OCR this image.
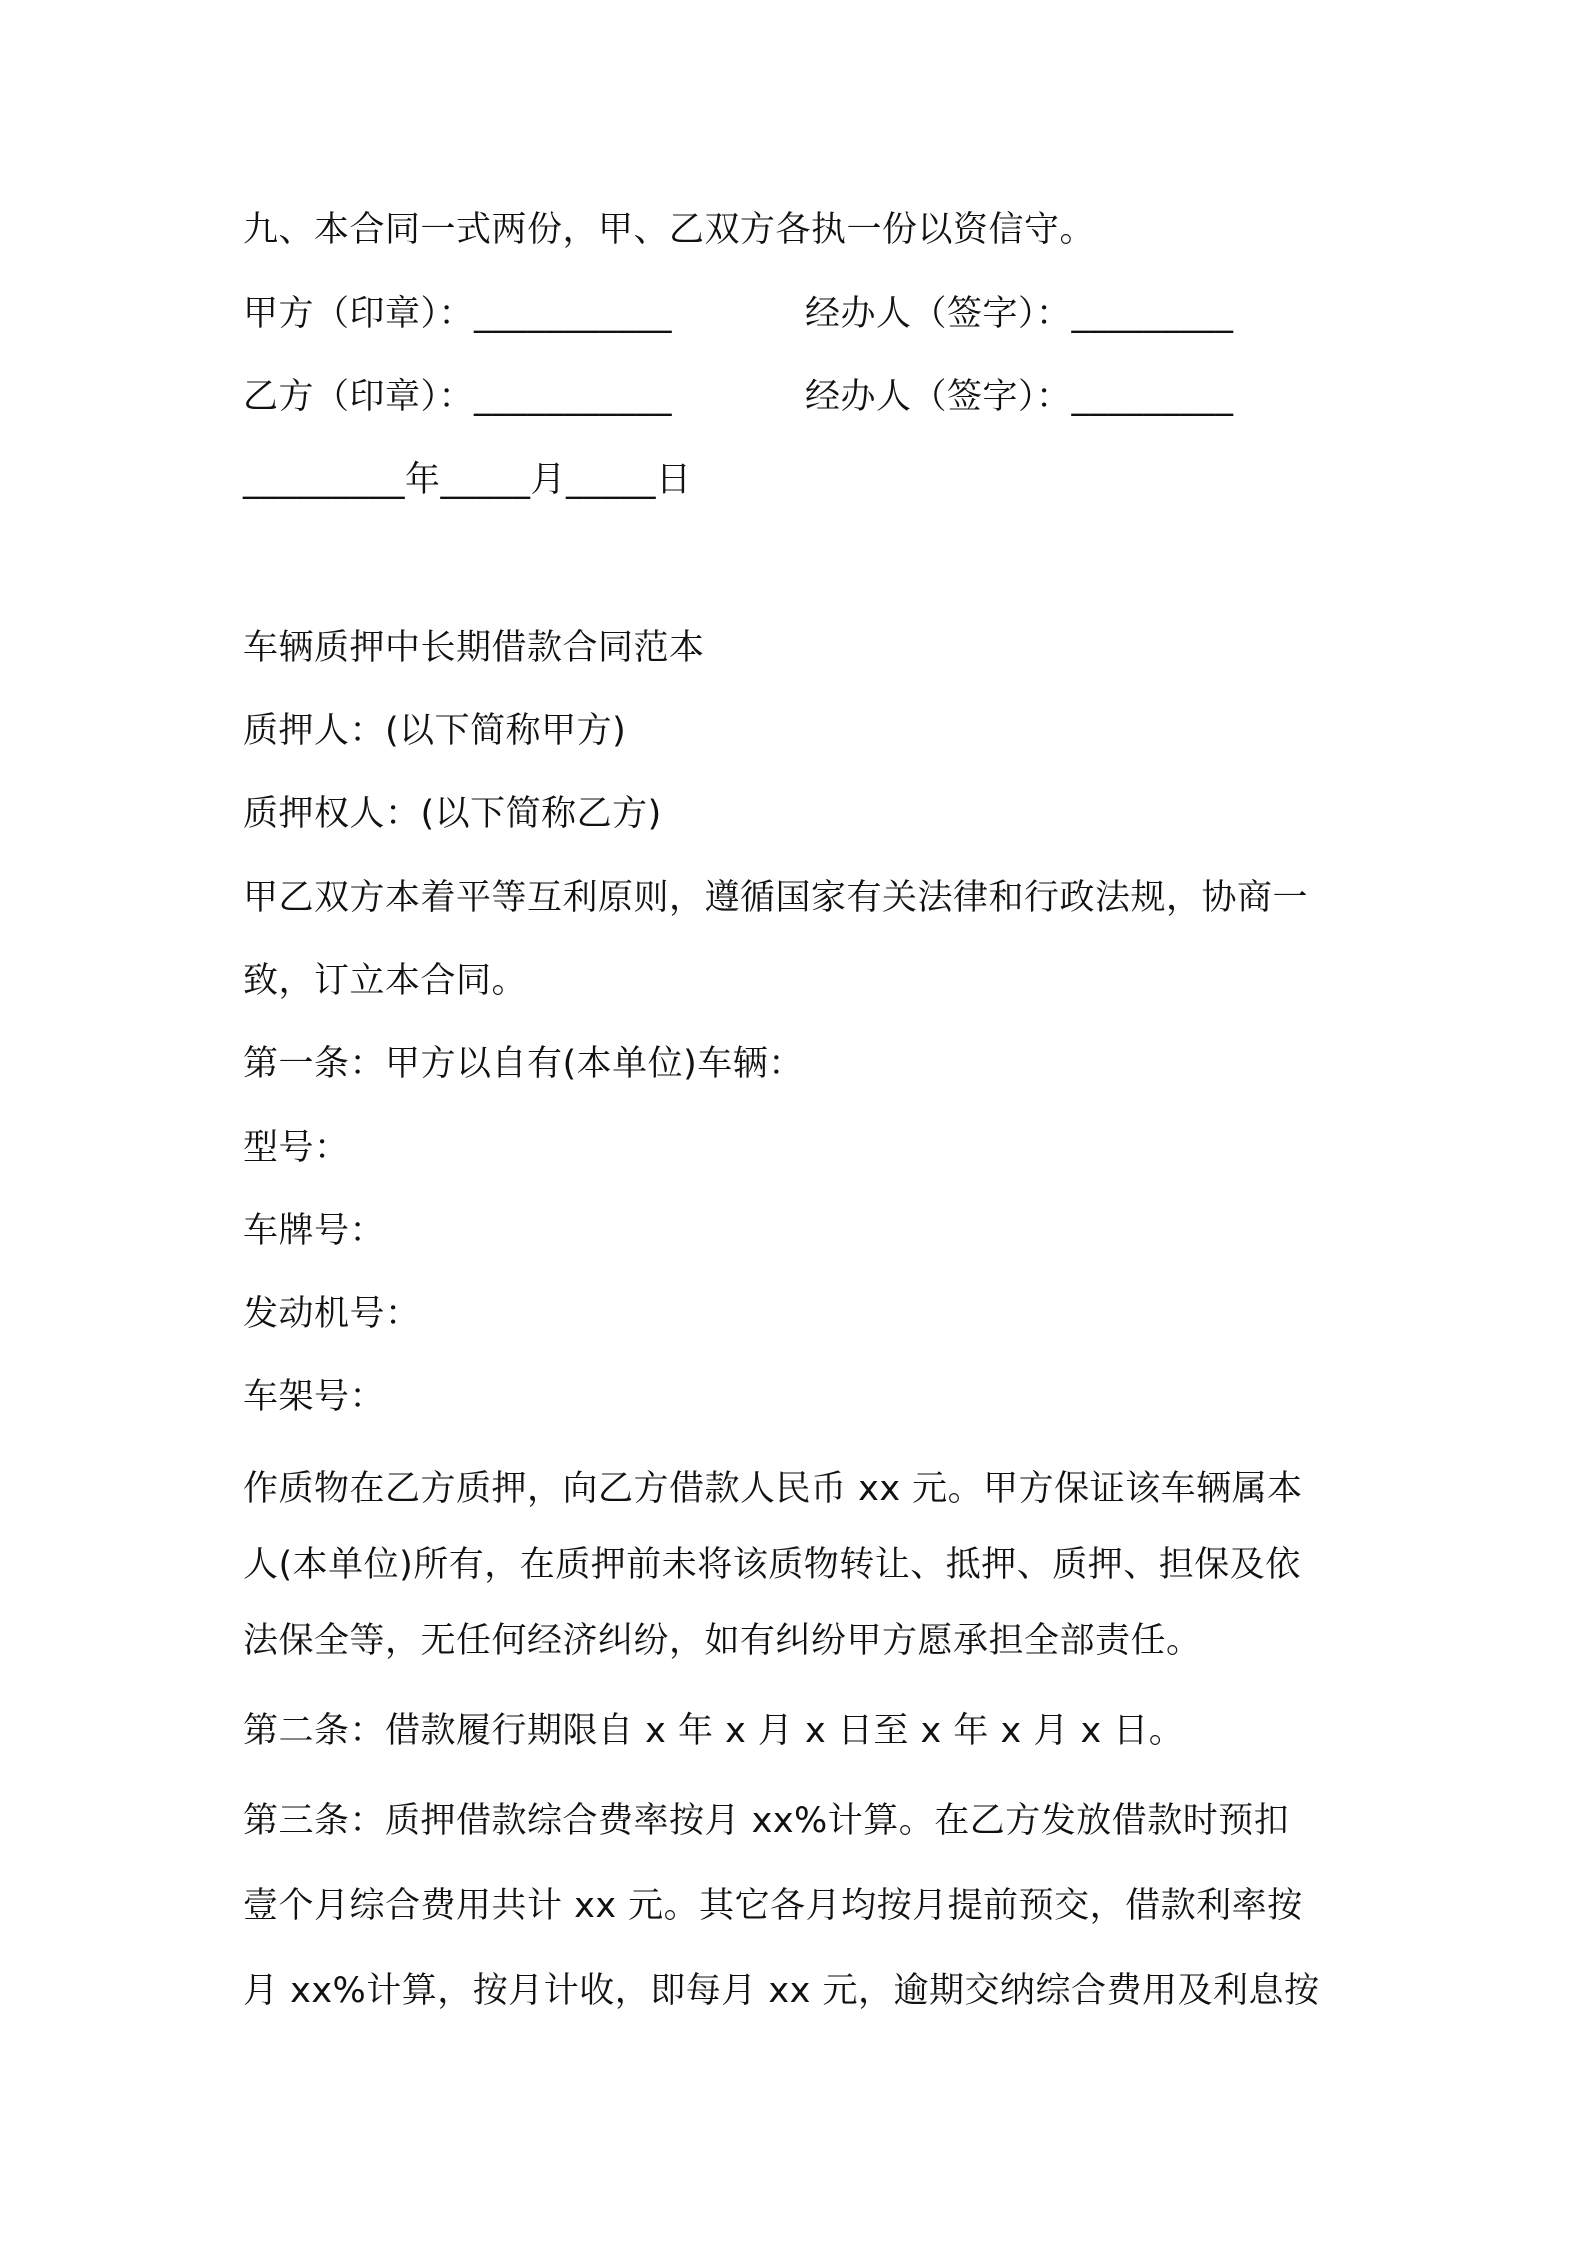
九、本合同一式两份，甲、乙双方各执一份以资信守。

甲方（印章）：___________	经办人（签字）：_________

乙方（印章）：___________	经办人（签字）：_________

_________年_____月_____日

车辆质押中长期借款合同范本

质押人：(以下简称甲方)

质押权人：(以下简称乙方)

甲乙双方本着平等互利原则，遵循国家有关法律和行政法规，协商一

致，订立本合同。

第一条：甲方以自有(本单位)车辆：

型号：

车牌号：

发动机号：

车架号：

作质物在乙方质押，向乙方借款人民币 xx 元。甲方保证该车辆属本

人(本单位)所有，在质押前未将该质物转让、抵押、质押、担保及依

法保全等，无任何经济纠纷，如有纠纷甲方愿承担全部责任。

第二条：借款履行期限自 x 年 x 月 x 日至 x 年 x 月 x 日。

第三条：质押借款综合费率按月 xx%计算。在乙方发放借款时预扣

壹个月综合费用共计 xx 元。其它各月均按月提前预交，借款利率按

月 xx%计算，按月计收，即每月 xx 元，逾期交纳综合费用及利息按
